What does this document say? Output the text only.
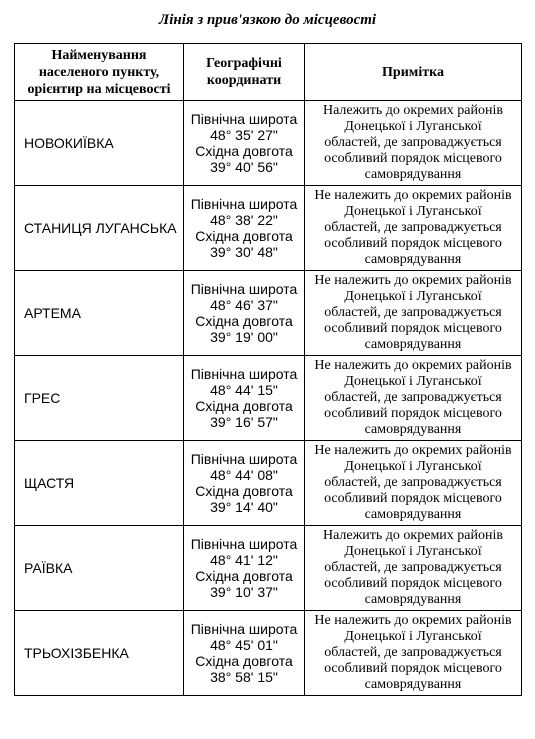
Лінія з прив'язкою до місцевості
Найменування населеного пункту, орієнтир на місцевості	Географічні
координати	Примітка
НОВОКИЇВКА	Північна широта
48° 35' 27"
Східна довгота
39° 40' 56"	Належить до окремих районів
Донецької і Луганської
областей, де запроваджується
особливий порядок місцевого
самоврядування

СТАНИЦЯ ЛУГАНСЬКА	Північна широта
48° 38' 22"
Східна довгота
39° 30' 48"	Не належить до окремих районів
Донецької і Луганської
областей, де запроваджується
особливий порядок місцевого
самоврядування

АРТЕМА	Північна широта
48° 46' 37"
Східна довгота
39° 19' 00"	Не належить до окремих районів
Донецької і Луганської
областей, де запроваджується
особливий порядок місцевого
самоврядування

ГРЕС	Північна широта
48° 44' 15"
Східна довгота
39° 16' 57"	Не належить до окремих районів
Донецької і Луганської
областей, де запроваджується
особливий порядок місцевого
самоврядування

ЩАСТЯ	Північна широта
48° 44' 08"
Східна довгота
39° 14' 40"	Не належить до окремих районів
Донецької і Луганської
областей, де запроваджується
особливий порядок місцевого
самоврядування

РАЇВКА	Північна широта
48° 41' 12"
Східна довгота
39° 10' 37"	Належить до окремих районів
Донецької і Луганської
областей, де запроваджується
особливий порядок місцевого
самоврядування

ТРЬОХІЗБЕНКА	Північна широта
48° 45' 01"
Східна довгота
38° 58' 15"	Не належить до окремих районів
Донецької і Луганської
областей, де запроваджується
особливий порядок місцевого
самоврядування
